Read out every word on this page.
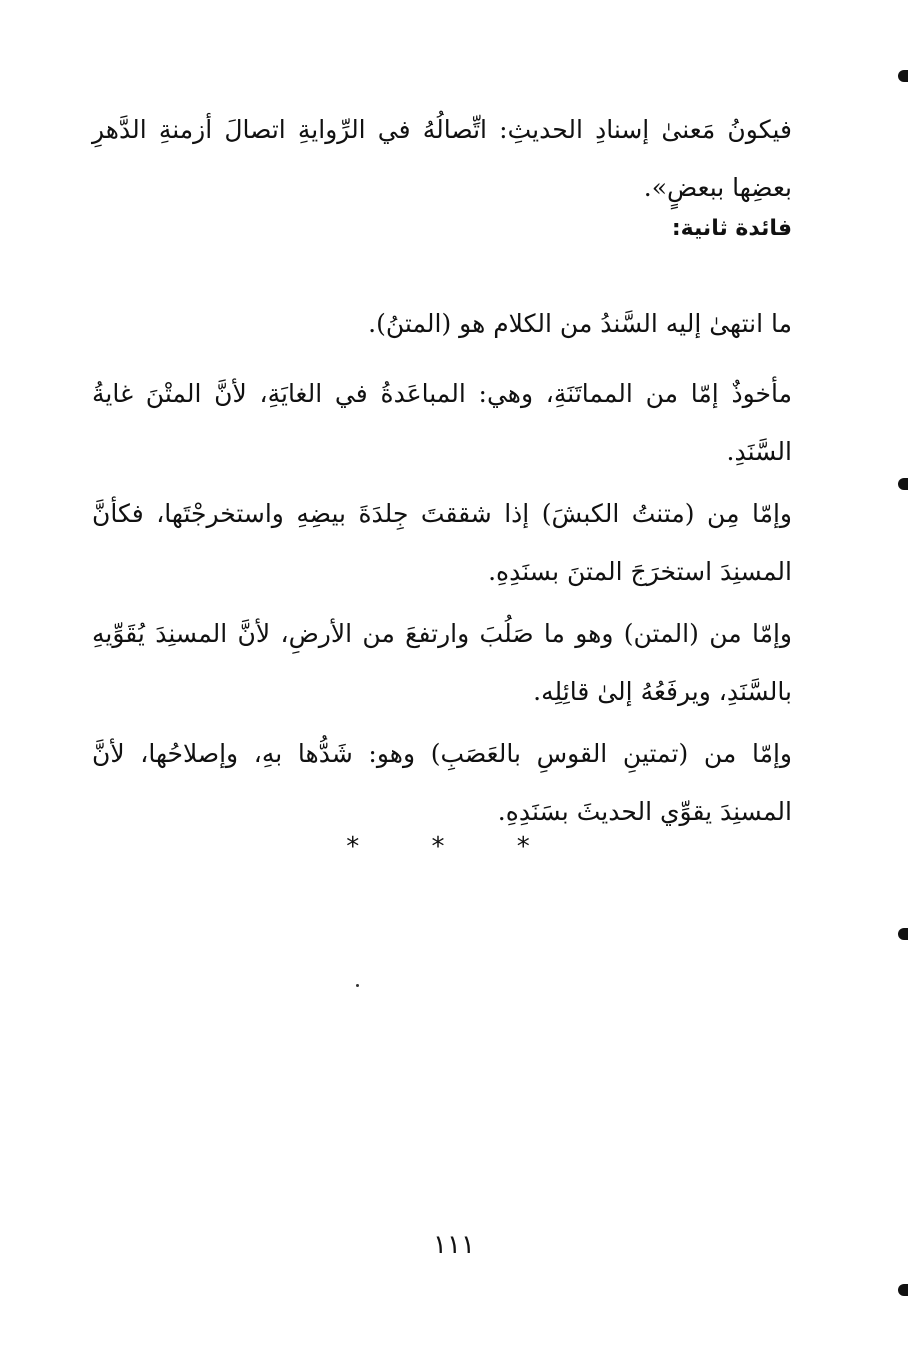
فيكونُ مَعنىٰ إسنادِ الحديثِ: اتِّصالُهُ في الرِّوايةِ اتصالَ أزمنةِ الدَّهرِ بعضِها ببعضٍ».

فائدة ثانية:

ما انتهىٰ إليه السَّندُ من الكلام هو (المتنُ).

مأخوذٌ إمّا من المماتَنَةِ، وهي: المباعَدةُ في الغايَةِ، لأنَّ المتْنَ غايةُ السَّنَدِ.

وإمّا مِن (متنتُ الكبشَ) إذا شققتَ جِلدَةَ بيضِهِ واستخرجْتَها، فكأنَّ المسنِدَ استخرَجَ المتنَ بسنَدِهِ.

وإمّا من (المتن) وهو ما صَلُبَ وارتفعَ من الأرضِ، لأنَّ المسنِدَ يُقَوِّيهِ بالسَّنَدِ، ويرفَعُهُ إلىٰ قائِلِه.

وإمّا من (تمتينِ القوسِ بالعَصَبِ) وهو: شَدُّها بهِ، وإصلاحُها، لأنَّ المسنِدَ يقوِّي الحديثَ بسَنَدِهِ.

* * *
١١١
